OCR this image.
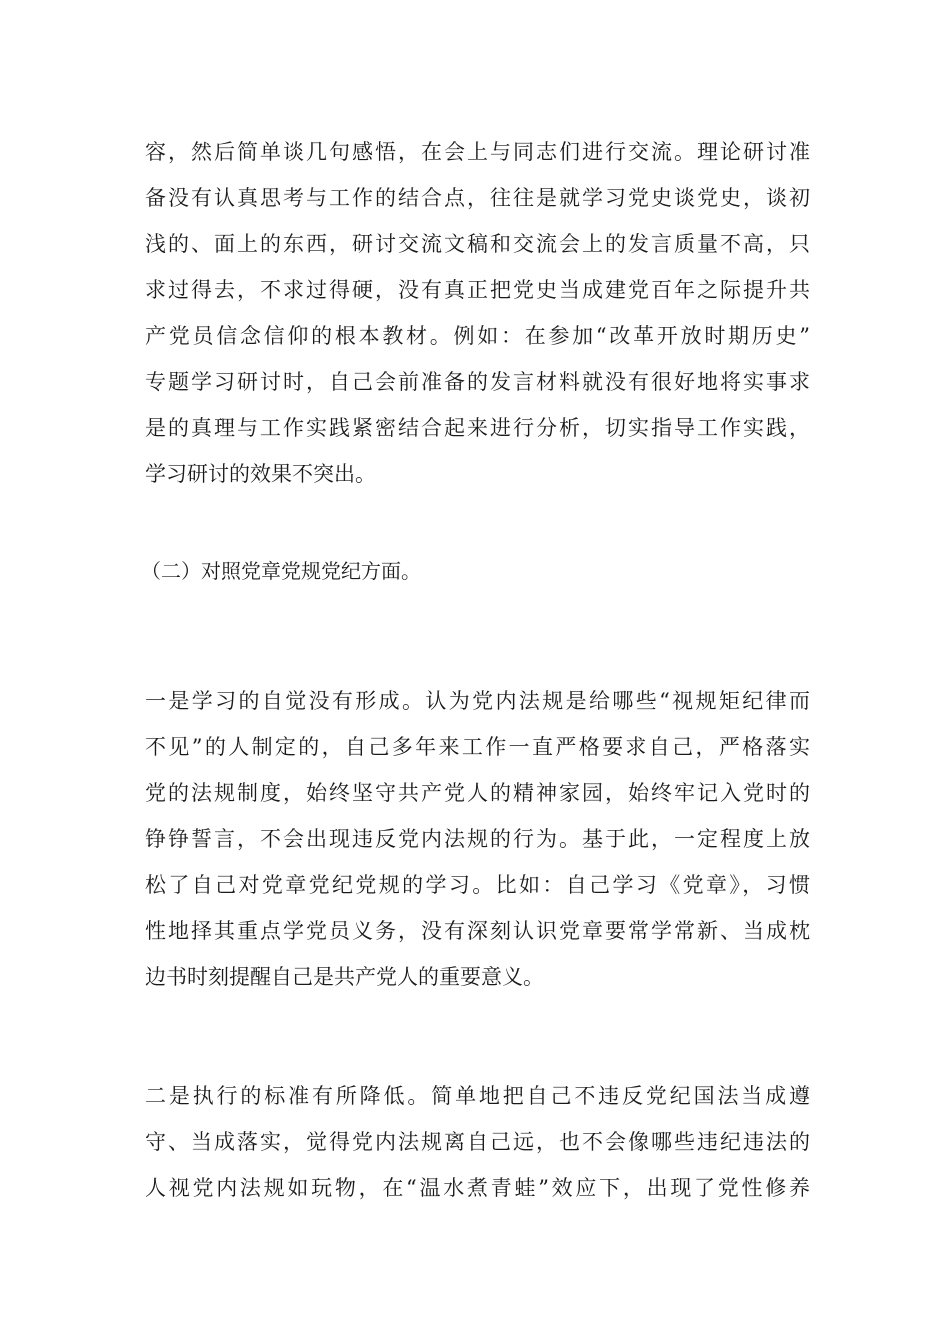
容，然后简单谈几句感悟，在会上与同志们进行交流。理论研讨准
备没有认真思考与工作的结合点，往往是就学习党史谈党史，谈初
浅的、面上的东西，研讨交流文稿和交流会上的发言质量不高，只
求过得去，不求过得硬，没有真正把党史当成建党百年之际提升共
产党员信念信仰的根本教材。例如：在参加“改革开放时期历史”
专题学习研讨时，自己会前准备的发言材料就没有很好地将实事求
是的真理与工作实践紧密结合起来进行分析，切实指导工作实践，
学习研讨的效果不突出。
（二）对照党章党规党纪方面。
一是学习的自觉没有形成。认为党内法规是给哪些“视规矩纪律而
不见”的人制定的，自己多年来工作一直严格要求自己，严格落实
党的法规制度，始终坚守共产党人的精神家园，始终牢记入党时的
铮铮誓言，不会出现违反党内法规的行为。基于此，一定程度上放
松了自己对党章党纪党规的学习。比如：自己学习《党章》，习惯
性地择其重点学党员义务，没有深刻认识党章要常学常新、当成枕
边书时刻提醒自己是共产党人的重要意义。
二是执行的标准有所降低。简单地把自己不违反党纪国法当成遵
守、当成落实，觉得党内法规离自己远，也不会像哪些违纪违法的
人视党内法规如玩物，在“温水煮青蛙”效应下，出现了党性修养
